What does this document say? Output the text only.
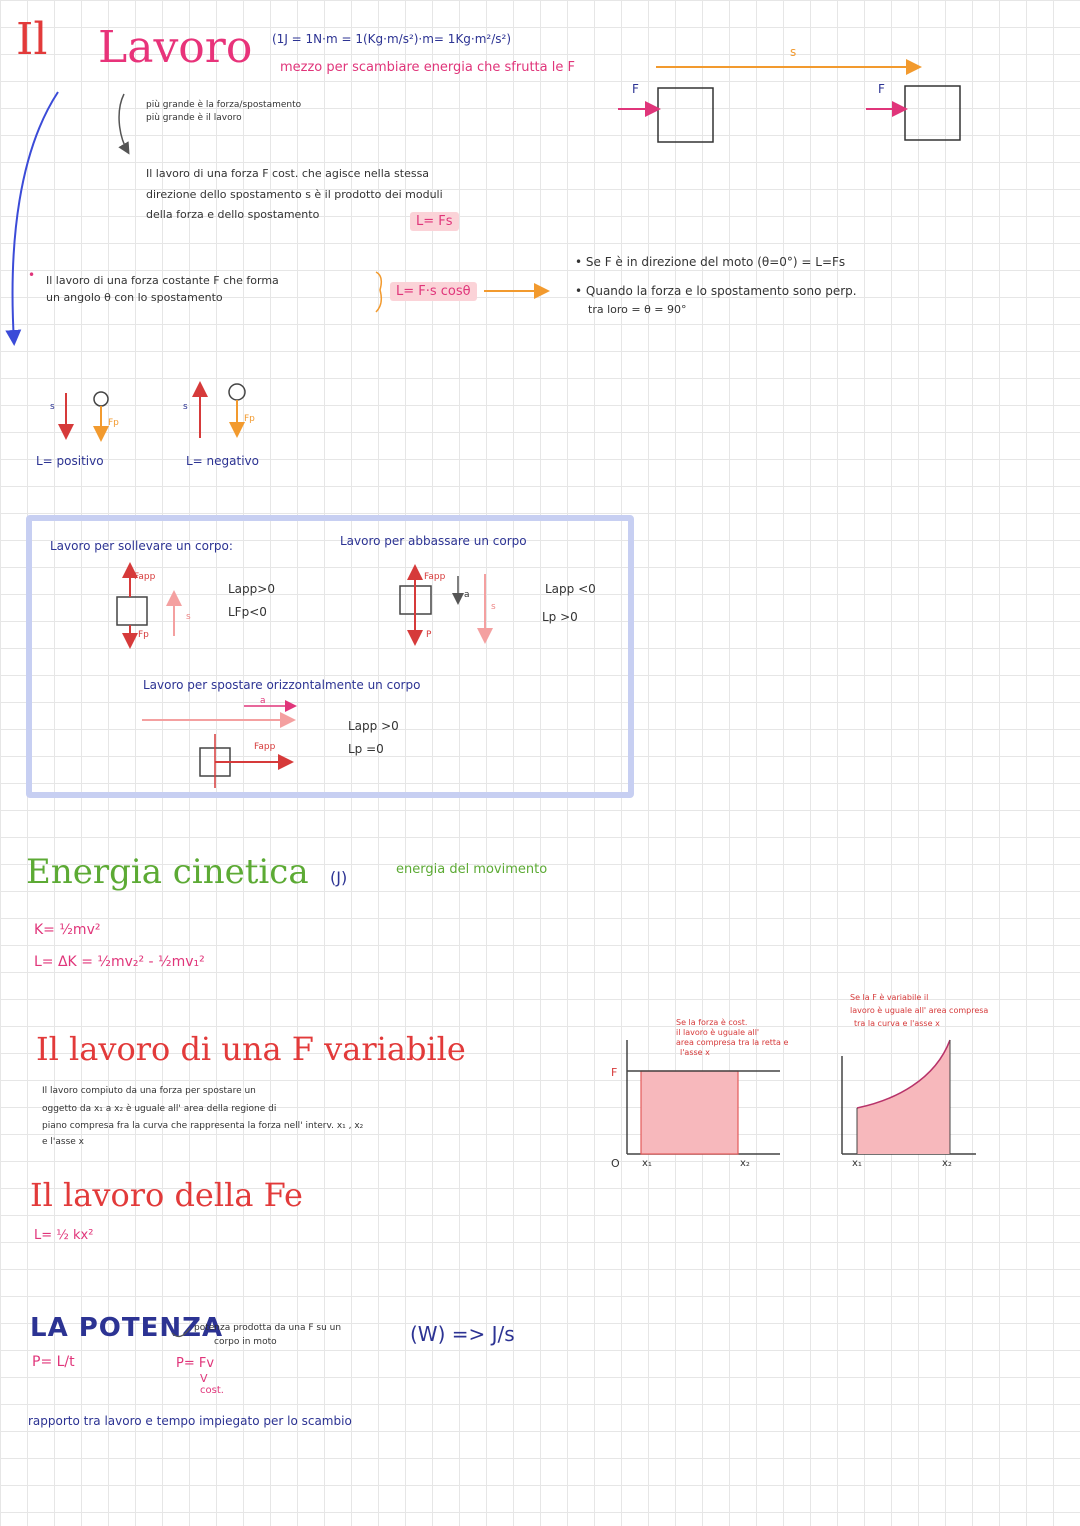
Il Lavoro (1J = 1N·m = 1(Kg·m/s²)·m= 1Kg·m²/s²)
mezzo per scambiare energia che sfrutta le F
più grande è la forza/spostamento
più grande è il lavoro
Il lavoro di una forza F cost. che agisce nella stessa
direzione dello spostamento s è il prodotto dei moduli
della forza e dello spostamento	L= Fs
s
F	F
• Il lavoro di una forza costante F che forma
un angolo θ con lo spostamento	L= F·s cosθ
• Se F è in direzione del moto (θ=0°) = L=Fs
• Quando la forza e lo spostamento sono perp.
tra loro = θ = 90°
L= positivo	L= negativo
Fp	Fp
s	s
Lavoro per sollevare un corpo:
Fapp
Fp
s
Lapp>0
LFp<0
Lavoro per abbassare un corpo
Fapp
P
a
s
Lapp <0
Lp >0
Lavoro per spostare orizzontalmente un corpo
a
Fapp
Lapp >0
Lp =0
Energia cinetica (J)	energia del movimento
K= ½mv²
L= ΔK = ½mv₂² - ½mv₁²
Il lavoro di una F variabile
Il lavoro compiuto da una forza per spostare un
oggetto da x₁ a x₂ è uguale all' area della regione di
piano compresa fra la curva che rappresenta la forza nell' interv. x₁ , x₂
e l'asse x
Se la forza è cost.
il lavoro è uguale all'
area compresa tra la retta e
l'asse x
F
O x₁	x₂
Se la F è variabile il
lavoro è uguale all' area compresa
tra la curva e l'asse x
x₁	x₂
Il lavoro della Fe
L= ½ kx²
LA POTENZA
potenza prodotta da una F su un
corpo in moto	(W) => J/s
P= L/t	P= Fv
V
cost.
rapporto tra lavoro e tempo impiegato per lo scambio
